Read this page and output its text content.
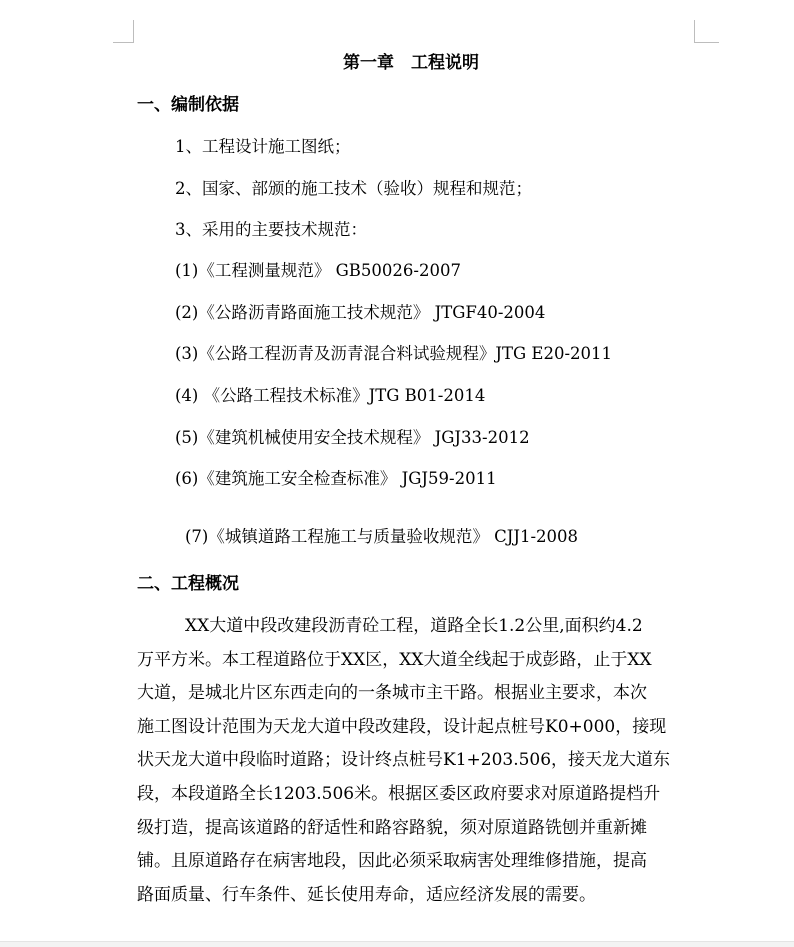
第一章　工程说明
一、编制依据
1、工程设计施工图纸；
2、国家、部颁的施工技术（验收）规程和规范；
3、采用的主要技术规范：
(1)《工程测量规范》 GB50026-2007
(2)《公路沥青路面施工技术规范》 JTGF40-2004
(3)《公路工程沥青及沥青混合料试验规程》JTG E20-2011
(4) 《公路工程技术标准》JTG B01-2014
(5)《建筑机械使用安全技术规程》 JGJ33-2012
(6)《建筑施工安全检查标准》 JGJ59-2011
(7)《城镇道路工程施工与质量验收规范》 CJJ1-2008
二、工程概况
XX大道中段改建段沥青砼工程，道路全长1.2公里,面积约4.2
万平方米。本工程道路位于XX区，XX大道全线起于成彭路，止于XX
大道，是城北片区东西走向的一条城市主干路。根据业主要求，本次
施工图设计范围为天龙大道中段改建段，设计起点桩号K0+000，接现
状天龙大道中段临时道路；设计终点桩号K1+203.506，接天龙大道东
段，本段道路全长1203.506米。根据区委区政府要求对原道路提档升
级打造，提高该道路的舒适性和路容路貌，须对原道路铣刨并重新摊
铺。且原道路存在病害地段，因此必须采取病害处理维修措施，提高
路面质量、行车条件、延长使用寿命，适应经济发展的需要。
